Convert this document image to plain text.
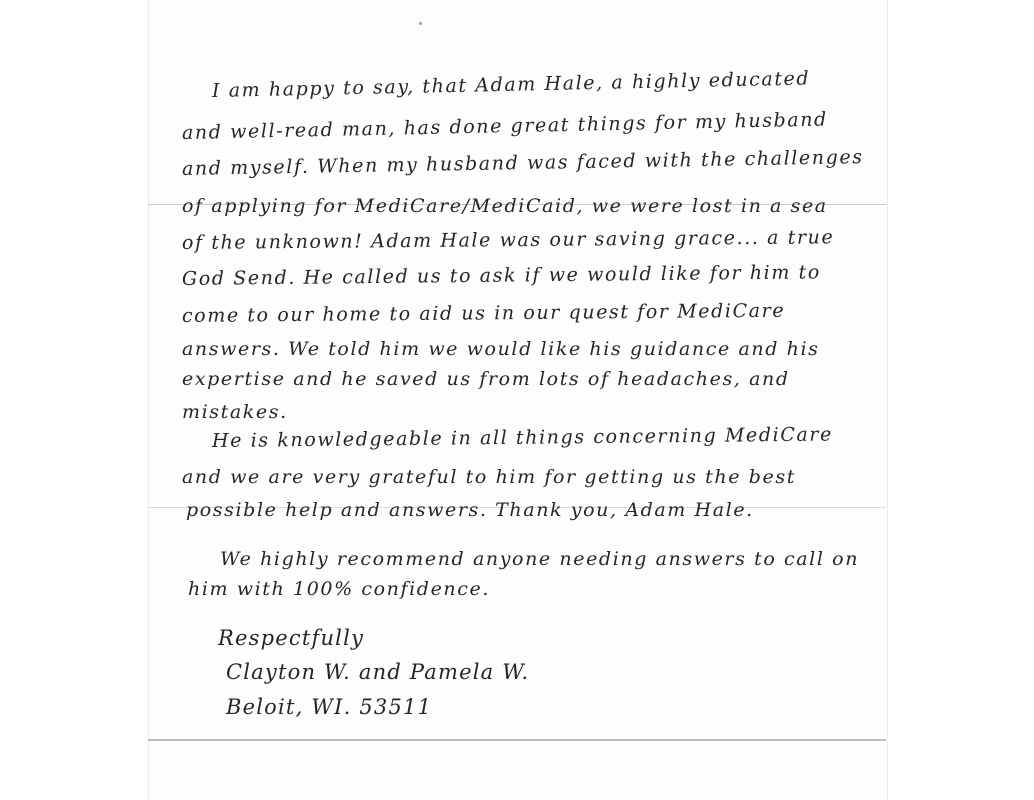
I am happy to say, that Adam Hale, a highly educated
and well-read man, has done great things for my husband
and myself. When my husband was faced with the challenges
of applying for MediCare/MediCaid, we were lost in a sea
of the unknown! Adam Hale was our saving grace... a true
God Send. He called us to ask if we would like for him to
come to our home to aid us in our quest for MediCare
answers. We told him we would like his guidance and his
expertise and he saved us from lots of headaches, and
mistakes.
He is knowledgeable in all things concerning MediCare
and we are very grateful to him for getting us the best
possible help and answers. Thank you, Adam Hale.
We highly recommend anyone needing answers to call on
him with 100% confidence.
Respectfully
Clayton W. and Pamela W.
Beloit, WI. 53511
